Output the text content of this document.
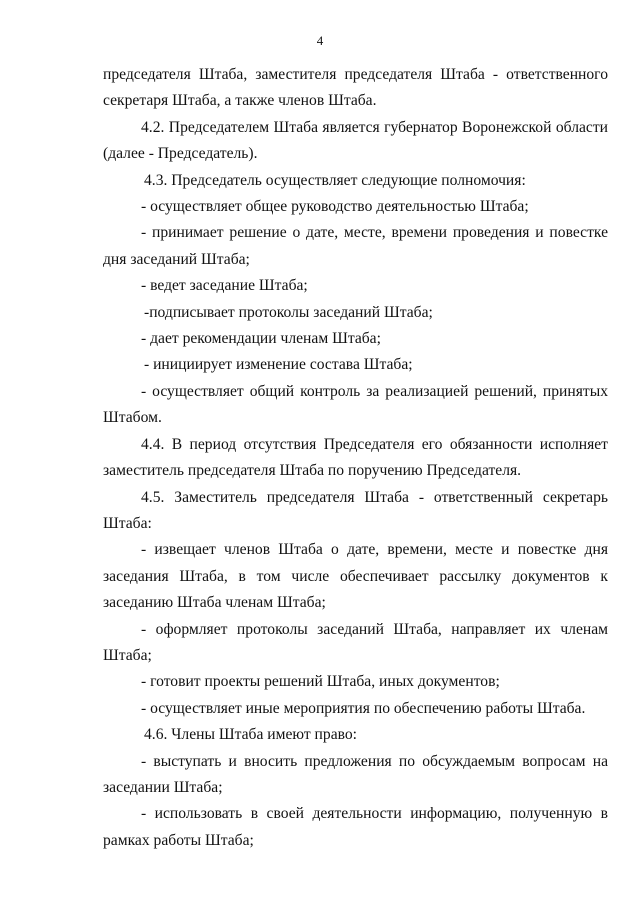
4

председателя Штаба, заместителя председателя Штаба - ответственного секретаря Штаба, а также членов Штаба.

4.2. Председателем Штаба является губернатор Воронежской области (далее - Председатель).

4.3. Председатель осуществляет следующие полномочия:

- осуществляет общее руководство деятельностью Штаба;

- принимает решение о дате, месте, времени проведения и повестке дня заседаний Штаба;

- ведет заседание Штаба;

-подписывает протоколы заседаний Штаба;

- дает рекомендации членам Штаба;

- инициирует изменение состава Штаба;

- осуществляет общий контроль за реализацией решений, принятых Штабом.

4.4. В период отсутствия Председателя его обязанности исполняет заместитель председателя Штаба по поручению Председателя.

4.5. Заместитель председателя Штаба - ответственный секретарь Штаба:

- извещает членов Штаба о дате, времени, месте и повестке дня заседания Штаба, в том числе обеспечивает рассылку документов к заседанию Штаба членам Штаба;

- оформляет протоколы заседаний Штаба, направляет их членам Штаба;

- готовит проекты решений Штаба, иных документов;

- осуществляет иные мероприятия по обеспечению работы Штаба.

4.6. Члены Штаба имеют право:

- выступать и вносить предложения по обсуждаемым вопросам на заседании Штаба;

- использовать в своей деятельности информацию, полученную в рамках работы Штаба;
